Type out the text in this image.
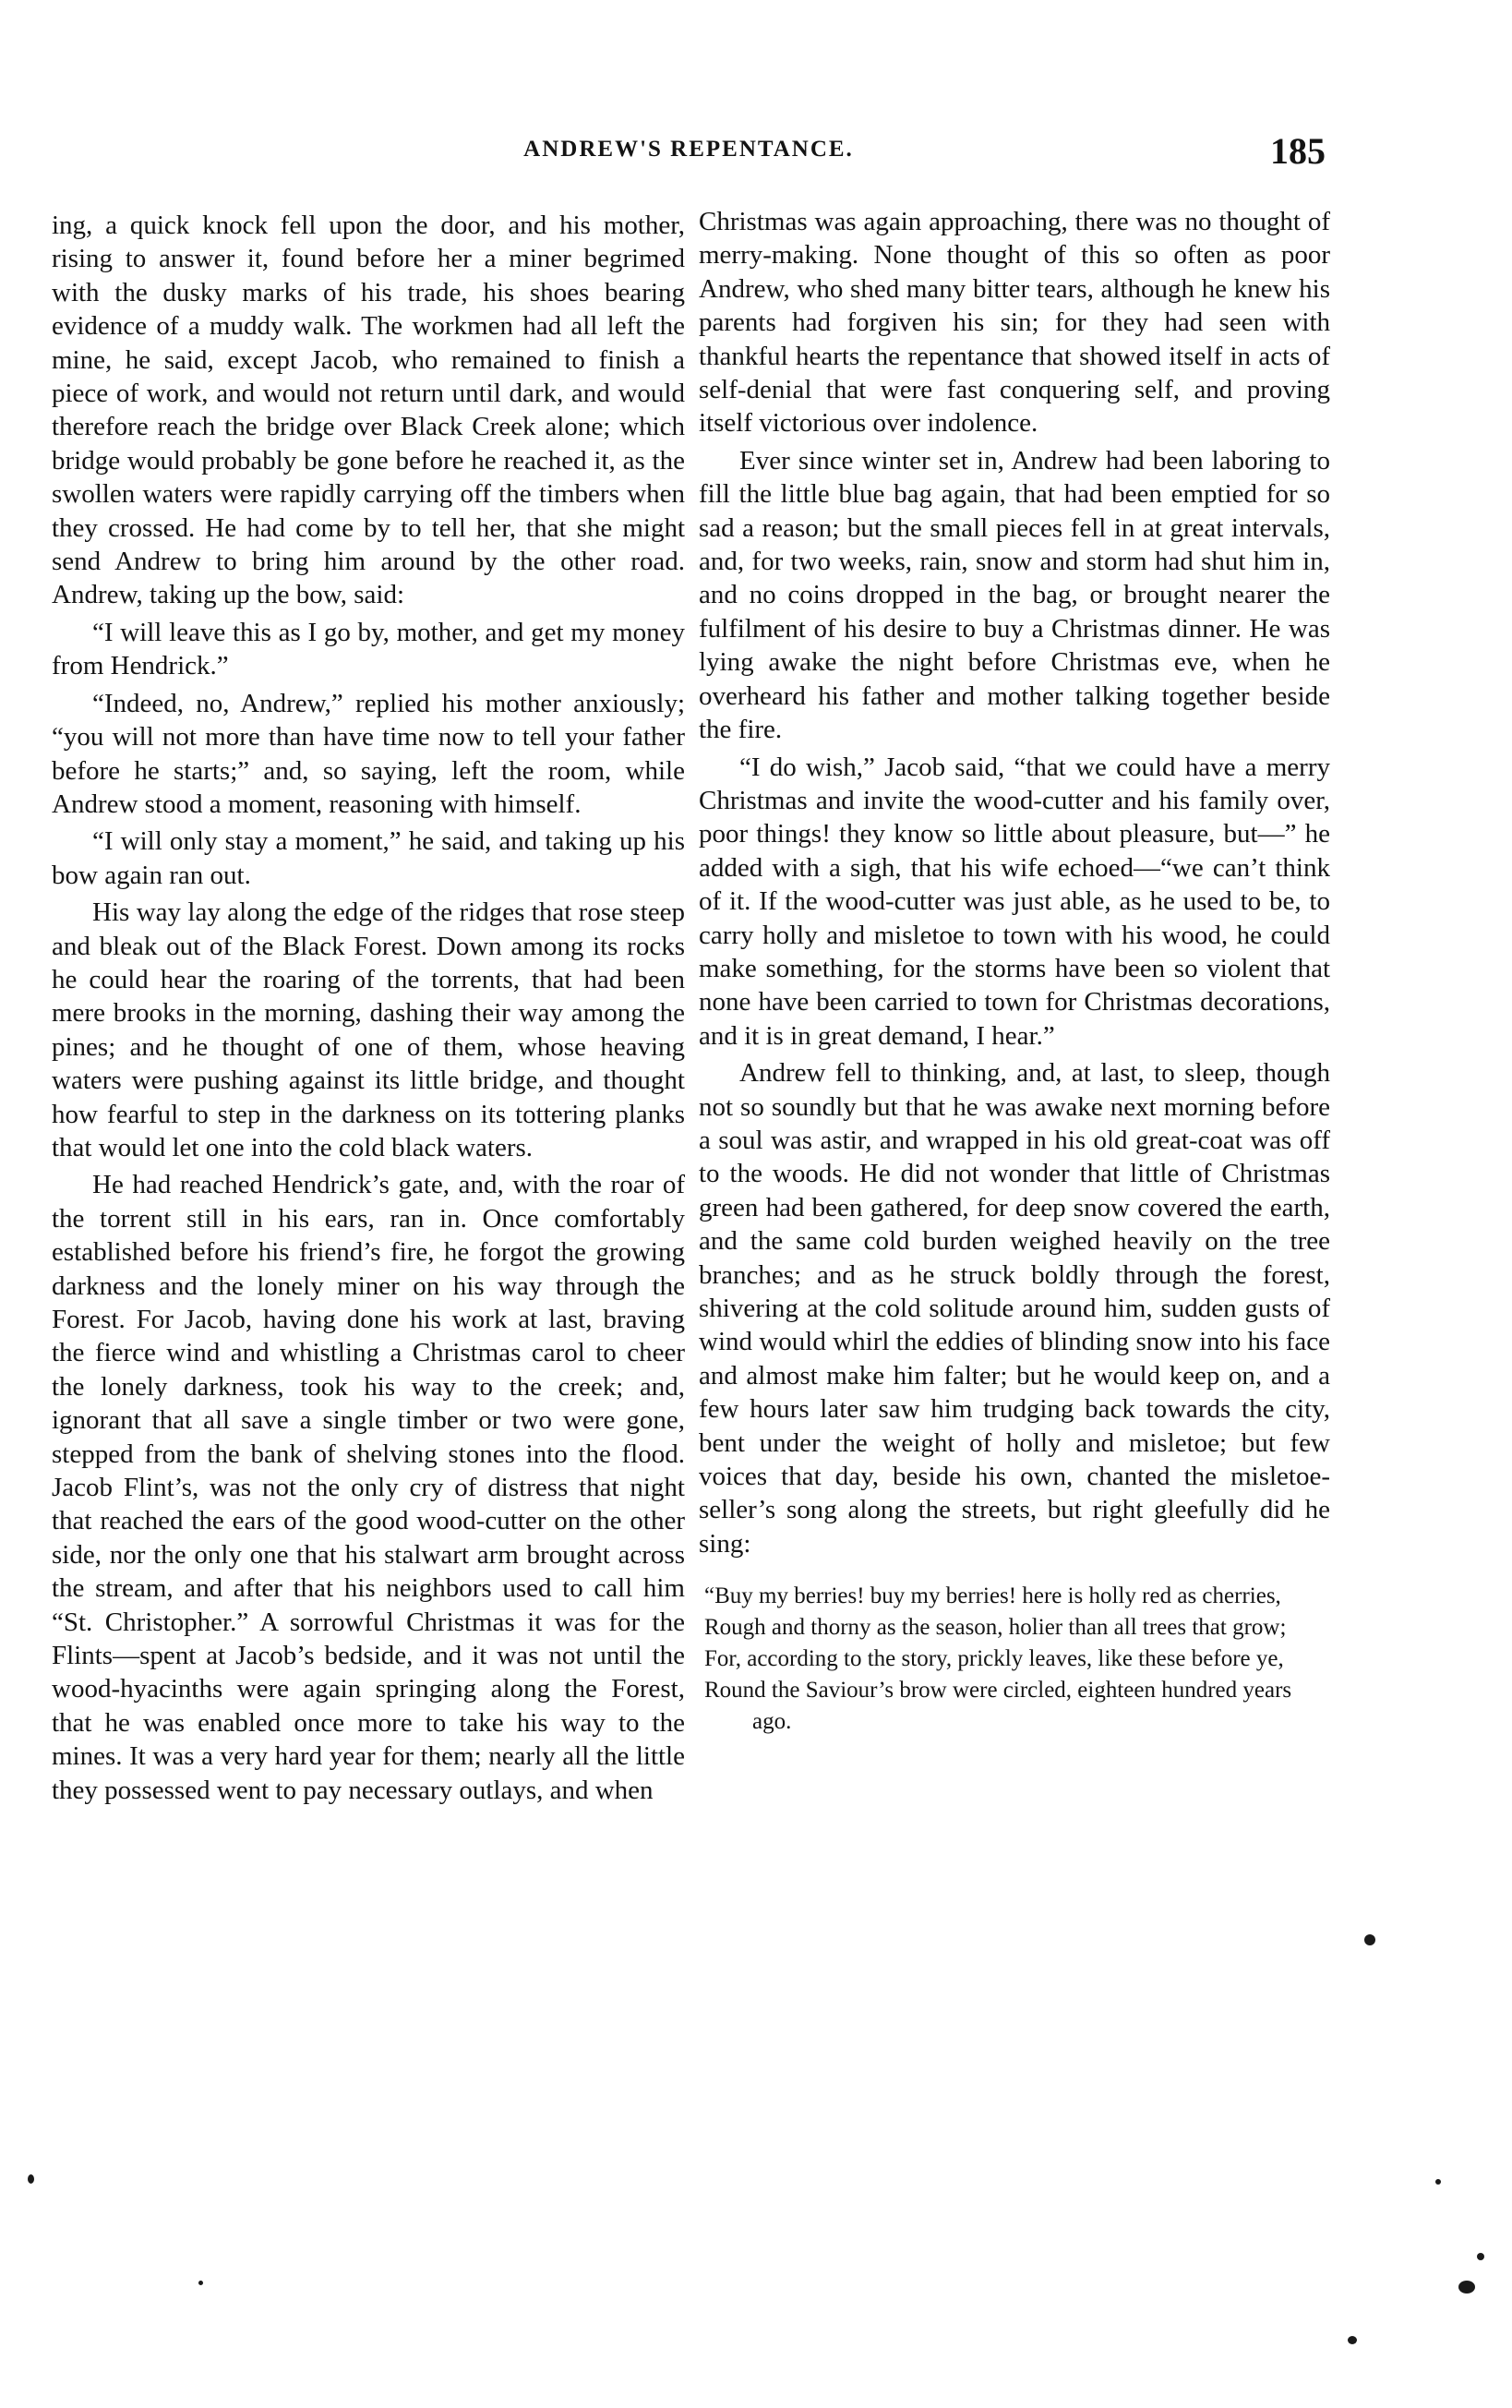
ANDREW'S REPENTANCE.	185

ing, a quick knock fell upon the door, and his mother, rising to answer it, found before her a miner begrimed with the dusky marks of his trade, his shoes bearing evidence of a muddy walk. The workmen had all left the mine, he said, except Jacob, who remained to finish a piece of work, and would not return until dark, and would therefore reach the bridge over Black Creek alone; which bridge would probably be gone before he reached it, as the swollen waters were rapidly carrying off the timbers when they crossed. He had come by to tell her, that she might send Andrew to bring him around by the other road. Andrew, taking up the bow, said:

“I will leave this as I go by, mother, and get my money from Hendrick.”

“Indeed, no, Andrew,” replied his mother anxiously; “you will not more than have time now to tell your father before he starts;” and, so saying, left the room, while Andrew stood a moment, reasoning with himself.

“I will only stay a moment,” he said, and taking up his bow again ran out.

His way lay along the edge of the ridges that rose steep and bleak out of the Black Forest. Down among its rocks he could hear the roaring of the torrents, that had been mere brooks in the morning, dashing their way among the pines; and he thought of one of them, whose heaving waters were pushing against its little bridge, and thought how fearful to step in the darkness on its tottering planks that would let one into the cold black waters.

He had reached Hendrick’s gate, and, with the roar of the torrent still in his ears, ran in. Once comfortably established before his friend’s fire, he forgot the growing darkness and the lonely miner on his way through the Forest. For Jacob, having done his work at last, braving the fierce wind and whistling a Christmas carol to cheer the lonely darkness, took his way to the creek; and, ignorant that all save a single timber or two were gone, stepped from the bank of shelving stones into the flood. Jacob Flint’s, was not the only cry of distress that night that reached the ears of the good wood-cutter on the other side, nor the only one that his stalwart arm brought across the stream, and after that his neighbors used to call him “St. Christopher.” A sorrowful Christmas it was for the Flints—spent at Jacob’s bedside, and it was not until the wood-hyacinths were again springing along the Forest, that he was enabled once more to take his way to the mines. It was a very hard year for them; nearly all the little they possessed went to pay necessary outlays, and when

Christmas was again approaching, there was no thought of merry-making. None thought of this so often as poor Andrew, who shed many bitter tears, although he knew his parents had forgiven his sin; for they had seen with thankful hearts the repentance that showed itself in acts of self-denial that were fast conquering self, and proving itself victorious over indolence.

Ever since winter set in, Andrew had been laboring to fill the little blue bag again, that had been emptied for so sad a reason; but the small pieces fell in at great intervals, and, for two weeks, rain, snow and storm had shut him in, and no coins dropped in the bag, or brought nearer the fulfilment of his desire to buy a Christmas dinner. He was lying awake the night before Christmas eve, when he overheard his father and mother talking together beside the fire.

“I do wish,” Jacob said, “that we could have a merry Christmas and invite the wood-cutter and his family over, poor things! they know so little about pleasure, but—” he added with a sigh, that his wife echoed—“we can’t think of it. If the wood-cutter was just able, as he used to be, to carry holly and misletoe to town with his wood, he could make something, for the storms have been so violent that none have been carried to town for Christmas decorations, and it is in great demand, I hear.”

Andrew fell to thinking, and, at last, to sleep, though not so soundly but that he was awake next morning before a soul was astir, and wrapped in his old great-coat was off to the woods. He did not wonder that little of Christmas green had been gathered, for deep snow covered the earth, and the same cold burden weighed heavily on the tree branches; and as he struck boldly through the forest, shivering at the cold solitude around him, sudden gusts of wind would whirl the eddies of blinding snow into his face and almost make him falter; but he would keep on, and a few hours later saw him trudging back towards the city, bent under the weight of holly and misletoe; but few voices that day, beside his own, chanted the misletoe-seller’s song along the streets, but right gleefully did he sing:

“Buy my berries! buy my berries! here is holly red as cherries,
Rough and thorny as the season, holier than all trees that grow;
For, according to the story, prickly leaves, like these before ye,
Round the Saviour’s brow were circled, eighteen hundred years ago.
